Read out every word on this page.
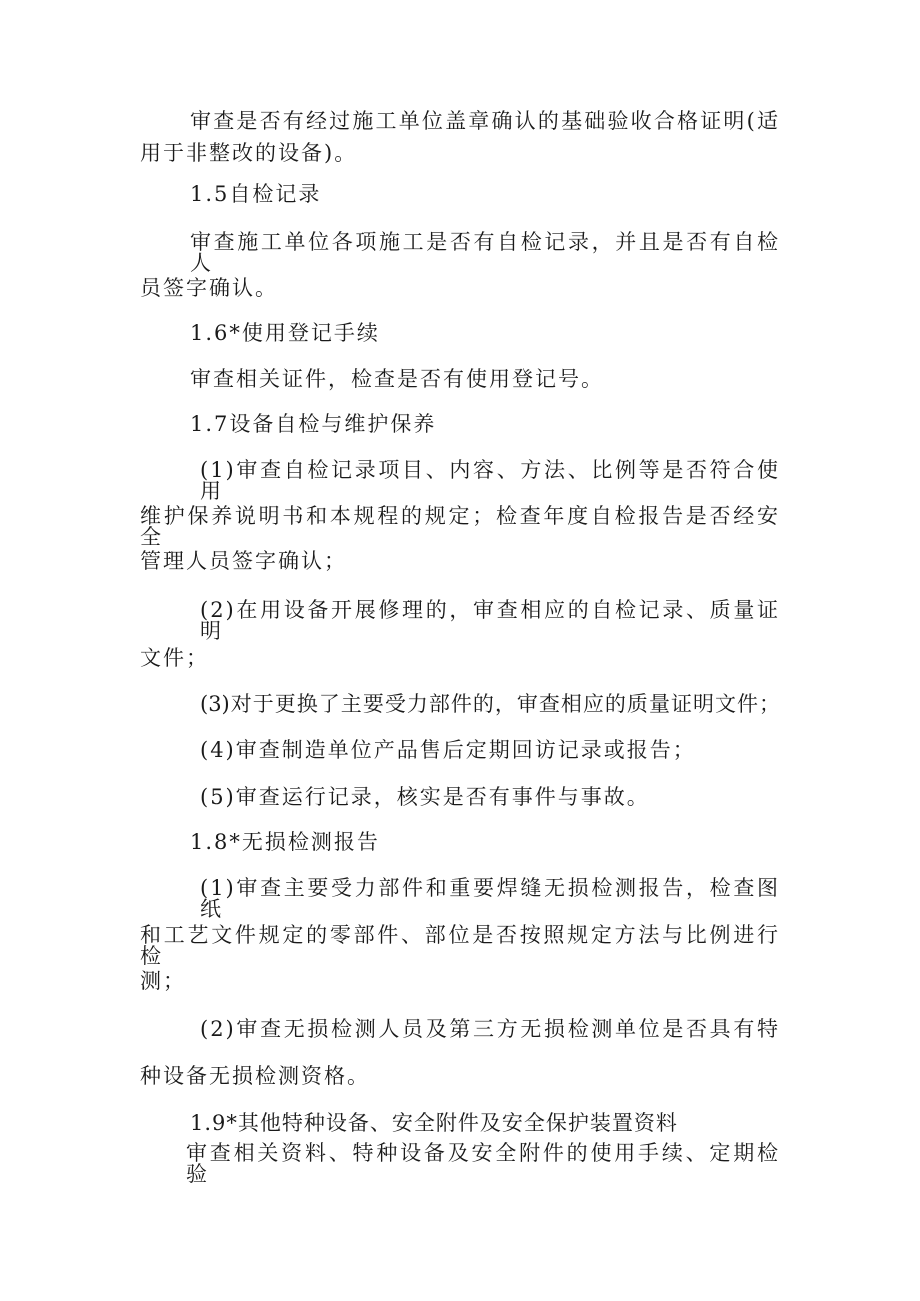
审查是否有经过施工单位盖章确认的基础验收合格证明(适
用于非整改的设备)。
1.5自检记录
审查施工单位各项施工是否有自检记录，并且是否有自检人
员签字确认。
1.6*使用登记手续
审查相关证件，检查是否有使用登记号。
1.7设备自检与维护保养
(1)审查自检记录项目、内容、方法、比例等是否符合使用
维护保养说明书和本规程的规定；检查年度自检报告是否经安全
管理人员签字确认；
(2)在用设备开展修理的，审查相应的自检记录、质量证明
文件；
(3)对于更换了主要受力部件的，审查相应的质量证明文件；
(4)审查制造单位产品售后定期回访记录或报告；
(5)审查运行记录，核实是否有事件与事故。
1.8*无损检测报告
(1)审查主要受力部件和重要焊缝无损检测报告，检查图纸
和工艺文件规定的零部件、部位是否按照规定方法与比例进行检
测；
(2)审查无损检测人员及第三方无损检测单位是否具有特
种设备无损检测资格。
1.9*其他特种设备、安全附件及安全保护装置资料
审查相关资料、特种设备及安全附件的使用手续、定期检验
